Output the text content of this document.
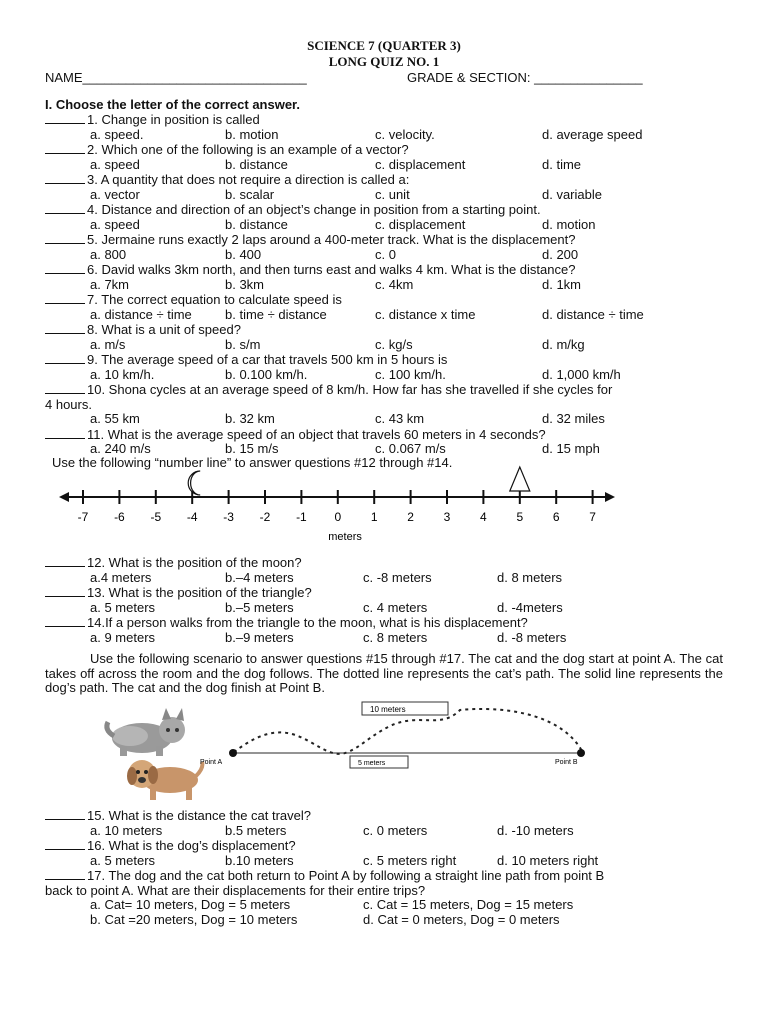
SCIENCE 7 (QUARTER 3)
LONG QUIZ NO. 1
NAME_______________________________	GRADE & SECTION: _______________
I. Choose the letter of the correct answer.
1. Change in position is called
a. speed.	b. motion	c. velocity.	d. average speed
2. Which one of the following is an example of a vector?
a. speed	b. distance	c. displacement	d. time
3. A quantity that does not require a direction is called a:
a. vector	b. scalar	c. unit	d. variable
4. Distance and direction of an object’s change in position from a starting point.
a. speed	b. distance	c. displacement	d. motion
5. Jermaine runs exactly 2 laps around a 400-meter track. What is the displacement?
a. 800	b. 400	c. 0	d. 200
6. David walks 3km north, and then turns east and walks 4 km. What is the distance?
a. 7km	b. 3km	c. 4km	d. 1km
7. The correct equation to calculate speed is
a. distance ÷ time	b. time ÷ distance	c. distance x time	d. distance ÷ time
8. What is a unit of speed?
a. m/s	b. s/m	c. kg/s	d. m/kg
9. The average speed of a car that travels 500 km in 5 hours is
a. 10 km/h.	b. 0.100 km/h.	c. 100 km/h.	d. 1,000 km/h
10. Shona cycles at an average speed of 8 km/h. How far has she travelled if she cycles for
4 hours.
a. 55 km	b. 32 km	c. 43 km	d. 32 miles
11. What is the average speed of an object that travels 60 meters in 4 seconds?
a. 240 m/s	b. 15 m/s	c. 0.067 m/s	d. 15 mph
Use the following “number line” to answer questions #12 through #14.
-7 -6 -5 -4 -3 -2 -1 0 1 2 3 4 5 6 7
meters
12. What is the position of the moon?
a.4 meters	b.–4 meters	c. -8 meters	d. 8 meters
13. What is the position of the triangle?
a. 5 meters	b.–5 meters	c. 4 meters	d. -4meters
14.If a person walks from the triangle to the moon, what is his displacement?
a. 9 meters	b.–9 meters	c. 8 meters	d. -8 meters
Use the following scenario to answer questions #15 through #17. The cat and the dog start at point A. The cat takes off across the room and the dog follows. The dotted line represents the cat’s path. The solid line represents the dog’s path. The cat and the dog finish at Point B.
10 meters
5 meters
Point A	Point B
15. What is the distance the cat travel?
a. 10 meters	b.5 meters	c. 0 meters	d. -10 meters
16. What is the dog’s displacement?
a. 5 meters	b.10 meters	c. 5 meters right	d. 10 meters right
17. The dog and the cat both return to Point A by following a straight line path from point B
back to point A. What are their displacements for their entire trips?
a. Cat= 10 meters, Dog = 5 meters	c. Cat = 15 meters, Dog = 15 meters
b. Cat =20 meters, Dog = 10 meters	d. Cat = 0 meters, Dog = 0 meters
